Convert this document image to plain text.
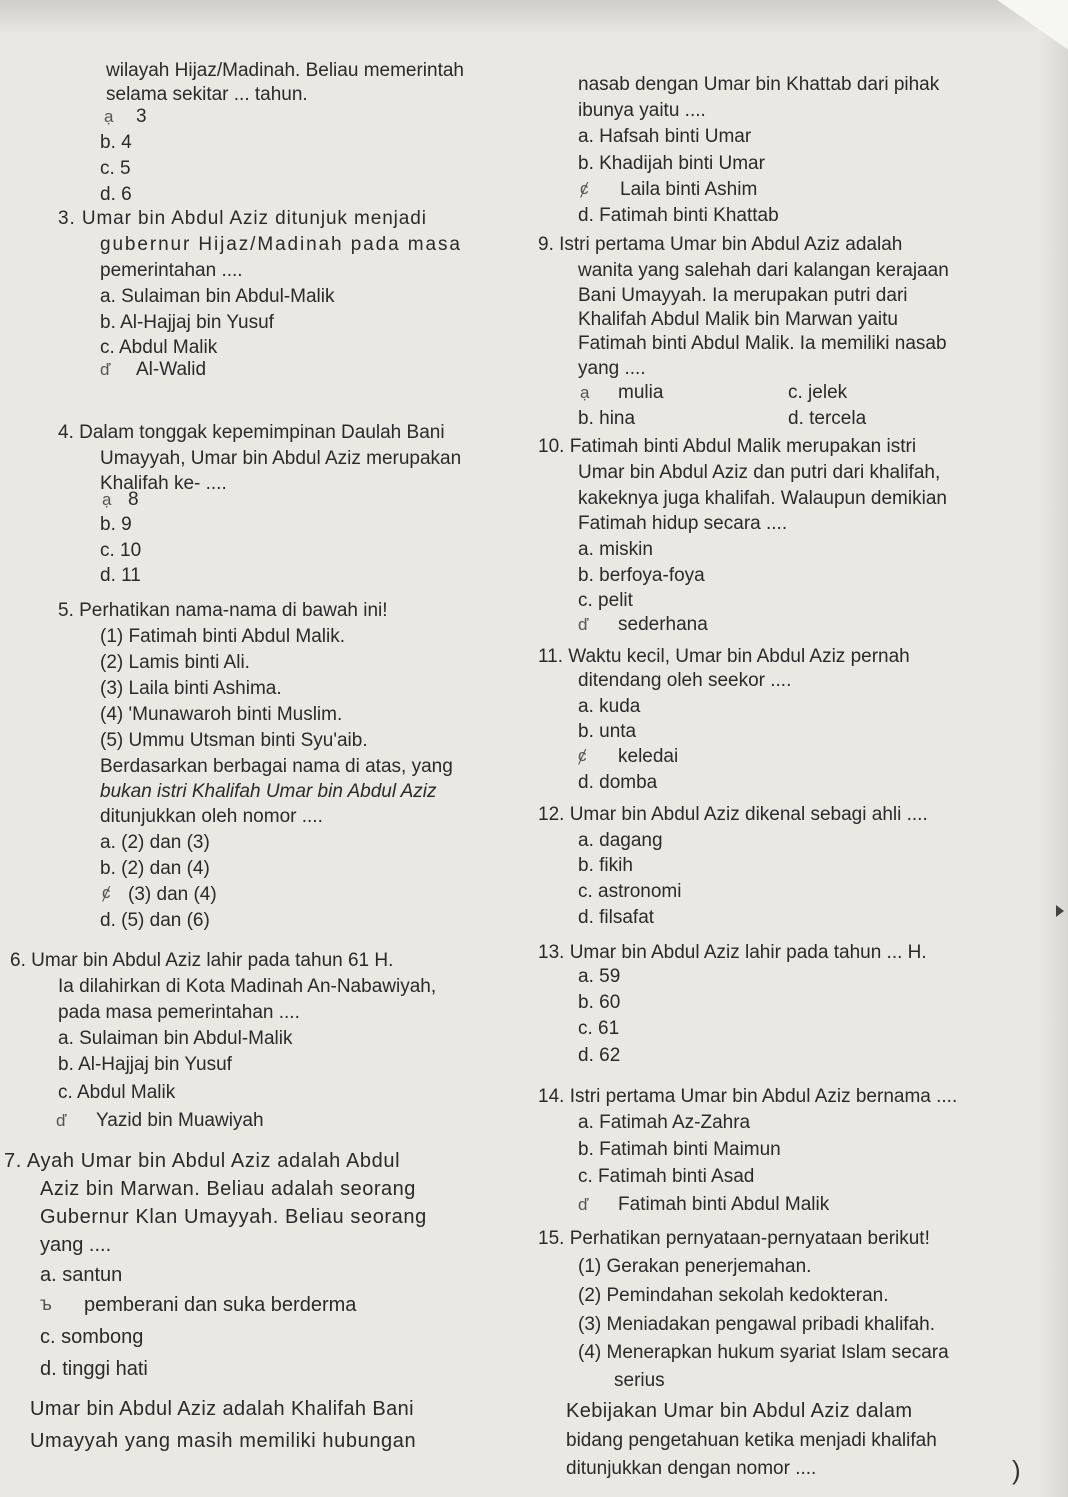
wilayah Hijaz/Madinah. Beliau memerintah
selama sekitar ... tahun.
ạ 3
b. 4
c. 5
d. 6
3. Umar bin Abdul Aziz ditunjuk menjadi
gubernur Hijaz/Madinah pada masa
pemerintahan ....
a. Sulaiman bin Abdul-Malik
b. Al-Hajjaj bin Yusuf
c. Abdul Malik
ď Al-Walid
4. Dalam tonggak kepemimpinan Daulah Bani
Umayyah, Umar bin Abdul Aziz merupakan
Khalifah ke- ....
ạ 8
b. 9
c. 10
d. 11
5. Perhatikan nama-nama di bawah ini!
(1) Fatimah binti Abdul Malik.
(2) Lamis binti Ali.
(3) Laila binti Ashima.
(4) 'Munawaroh binti Muslim.
(5) Ummu Utsman binti Syu'aib.
Berdasarkan berbagai nama di atas, yang
bukan istri Khalifah Umar bin Abdul Aziz
ditunjukkan oleh nomor ....
a. (2) dan (3)
b. (2) dan (4)
ȼ (3) dan (4)
d. (5) dan (6)
6. Umar bin Abdul Aziz lahir pada tahun 61 H.
Ia dilahirkan di Kota Madinah An-Nabawiyah,
pada masa pemerintahan ....
a. Sulaiman bin Abdul-Malik
b. Al-Hajjaj bin Yusuf
c. Abdul Malik
ď Yazid bin Muawiyah
7. Ayah Umar bin Abdul Aziz adalah Abdul
Aziz bin Marwan. Beliau adalah seorang
Gubernur Klan Umayyah. Beliau seorang
yang ....
a. santun
ъ pemberani dan suka berderma
c. sombong
d. tinggi hati
Umar bin Abdul Aziz adalah Khalifah Bani
Umayyah yang masih memiliki hubungan
nasab dengan Umar bin Khattab dari pihak
ibunya yaitu ....
a. Hafsah binti Umar
b. Khadijah binti Umar
ȼ Laila binti Ashim
d. Fatimah binti Khattab
9. Istri pertama Umar bin Abdul Aziz adalah
wanita yang salehah dari kalangan kerajaan
Bani Umayyah. Ia merupakan putri dari
Khalifah Abdul Malik bin Marwan yaitu
Fatimah binti Abdul Malik. Ia memiliki nasab
yang ....
ạ mulia	c. jelek
b. hina	d. tercela
10. Fatimah binti Abdul Malik merupakan istri
Umar bin Abdul Aziz dan putri dari khalifah,
kakeknya juga khalifah. Walaupun demikian
Fatimah hidup secara ....
a. miskin
b. berfoya-foya
c. pelit
ď sederhana
11. Waktu kecil, Umar bin Abdul Aziz pernah
ditendang oleh seekor ....
a. kuda
b. unta
ȼ keledai
d. domba
12. Umar bin Abdul Aziz dikenal sebagi ahli ....
a. dagang
b. fikih
c. astronomi
d. filsafat
13. Umar bin Abdul Aziz lahir pada tahun ... H.
a. 59
b. 60
c. 61
d. 62
14. Istri pertama Umar bin Abdul Aziz bernama ....
a. Fatimah Az-Zahra
b. Fatimah binti Maimun
c. Fatimah binti Asad
ď Fatimah binti Abdul Malik
15. Perhatikan pernyataan-pernyataan berikut!
(1) Gerakan penerjemahan.
(2) Pemindahan sekolah kedokteran.
(3) Meniadakan pengawal pribadi khalifah.
(4) Menerapkan hukum syariat Islam secara
serius
Kebijakan Umar bin Abdul Aziz dalam
bidang pengetahuan ketika menjadi khalifah
ditunjukkan dengan nomor ....	)
